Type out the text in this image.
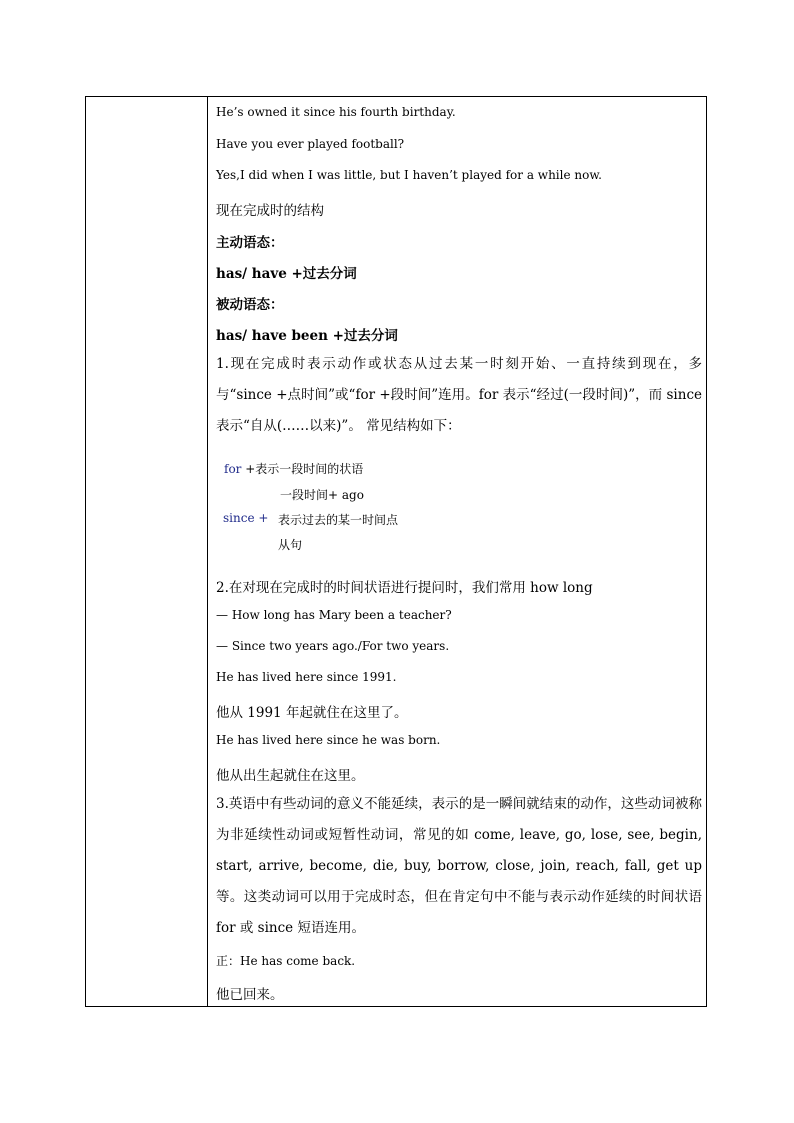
He’s owned it since his fourth birthday.
Have you ever played football?
Yes,I did when I was little, but I haven’t played for a while now.
现在完成时的结构
主动语态：
has/ have +过去分词
被动语态：
has/ have been +过去分词
1.现在完成时表示动作或状态从过去某一时刻开始、一直持续到现在，多与“since +点时间”或“for +段时间”连用。for 表示“经过(一段时间)”，而 since 表示“自从(……以来)”。 常见结构如下：
for +表示一段时间的状语
一段时间+ ago
since + 表示过去的某一时间点
从句
2.在对现在完成时的时间状语进行提问时，我们常用 how long
— How long has Mary been a teacher?
— Since two years ago./For two years.
He has lived here since 1991.
他从 1991 年起就住在这里了。
He has lived here since he was born.
他从出生起就住在这里。
3.英语中有些动词的意义不能延续，表示的是一瞬间就结束的动作，这些动词被称为非延续性动词或短暂性动词，常见的如 come, leave, go, lose, see, begin, start, arrive, become, die, buy, borrow, close, join, reach, fall, get up 等。这类动词可以用于完成时态，但在肯定句中不能与表示动作延续的时间状语 for 或 since 短语连用。
正：He has come back.
他已回来。
